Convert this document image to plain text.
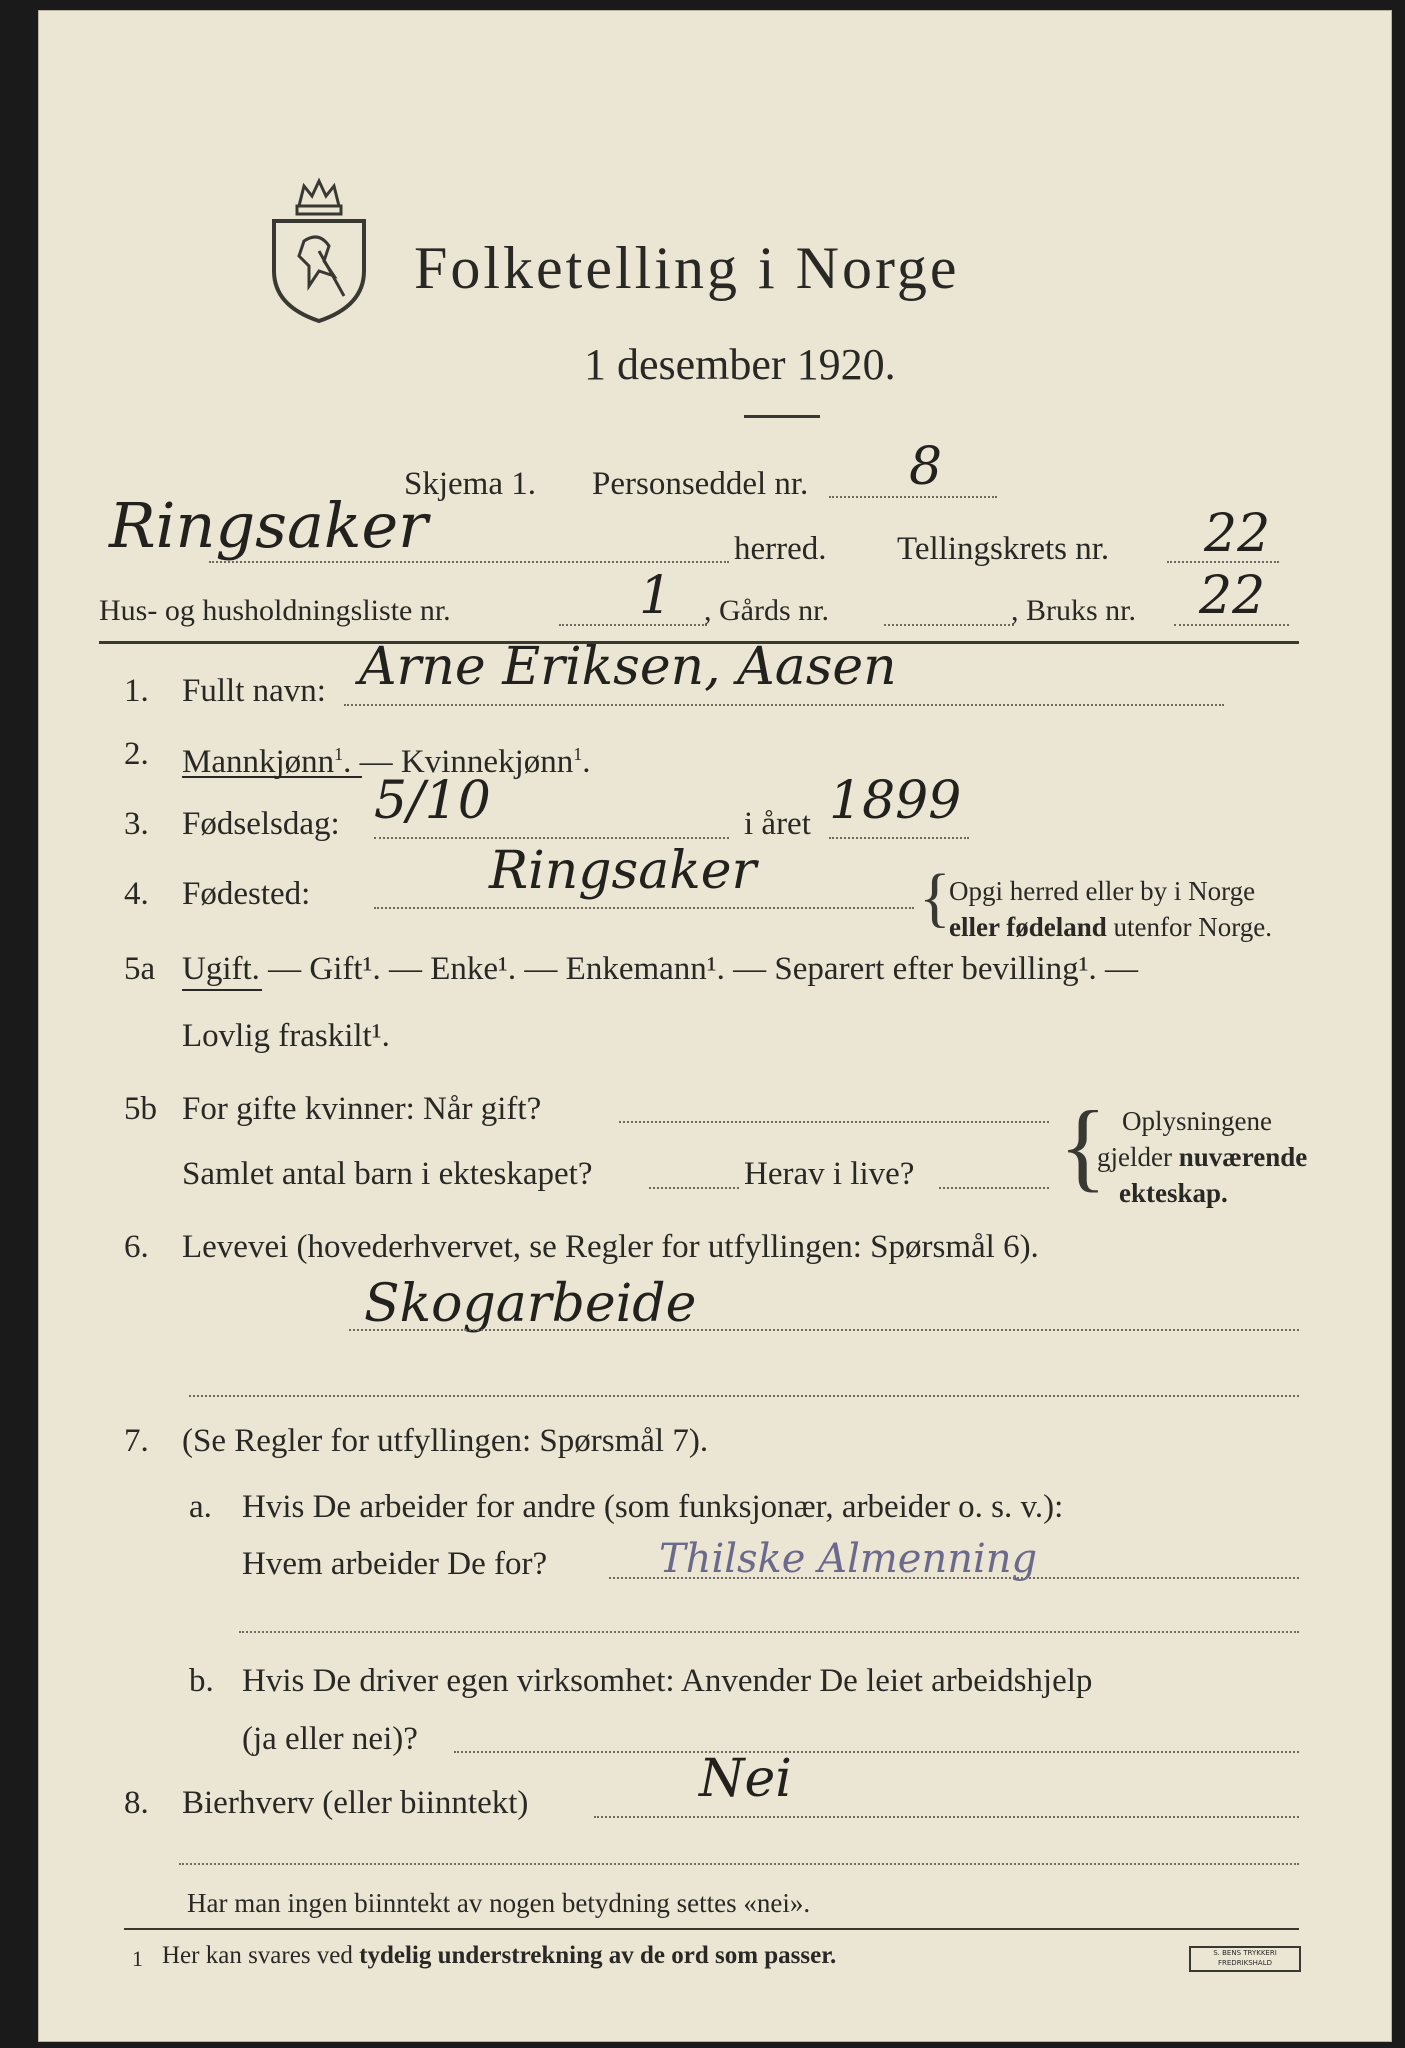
Folketelling i Norge
1 desember 1920.
Skjema 1. Personseddel nr. 8
Ringsaker	herred. Tellingskrets nr. 22
Hus- og husholdningsliste nr.	1 , Gårds nr.	, Bruks nr. 22
1. Fullt navn: Arne Eriksen, Aasen
2. Mannkjønn$^1$. — Kvinnekjønn$^1$.
3. Fødselsdag: 5/10	i året 1899
4. Fødested:	Ringsaker {
Opgi herred eller by i Norge
eller fødeland utenfor Norge.
5a Ugift. — Gift¹. — Enke¹. — Enkemann¹. — Separert efter bevilling¹. —
Lovlig fraskilt¹.
5b For gifte kvinner: Når gift?
Samlet antal barn i ekteskapet?	Herav i live? { Oplysningene
gjelder nuværende
ekteskap.
6. Levevei (hovederhvervet, se Regler for utfyllingen: Spørsmål 6).
Skogarbeide
7. (Se Regler for utfyllingen: Spørsmål 7).
a. Hvis De arbeider for andre (som funksjonær, arbeider o. s. v.):
Hvem arbeider De for?	Thilske Almenning
b. Hvis De driver egen virksomhet: Anvender De leiet arbeidshjelp
(ja eller nei)?
8. Bierhverv (eller biinntekt)	Nei
Har man ingen biinntekt av nogen betydning settes «nei».
1 Her kan svares ved tydelig understrekning av de ord som passer.	S. BENS TRYKKERI FREDRIKSHALD
